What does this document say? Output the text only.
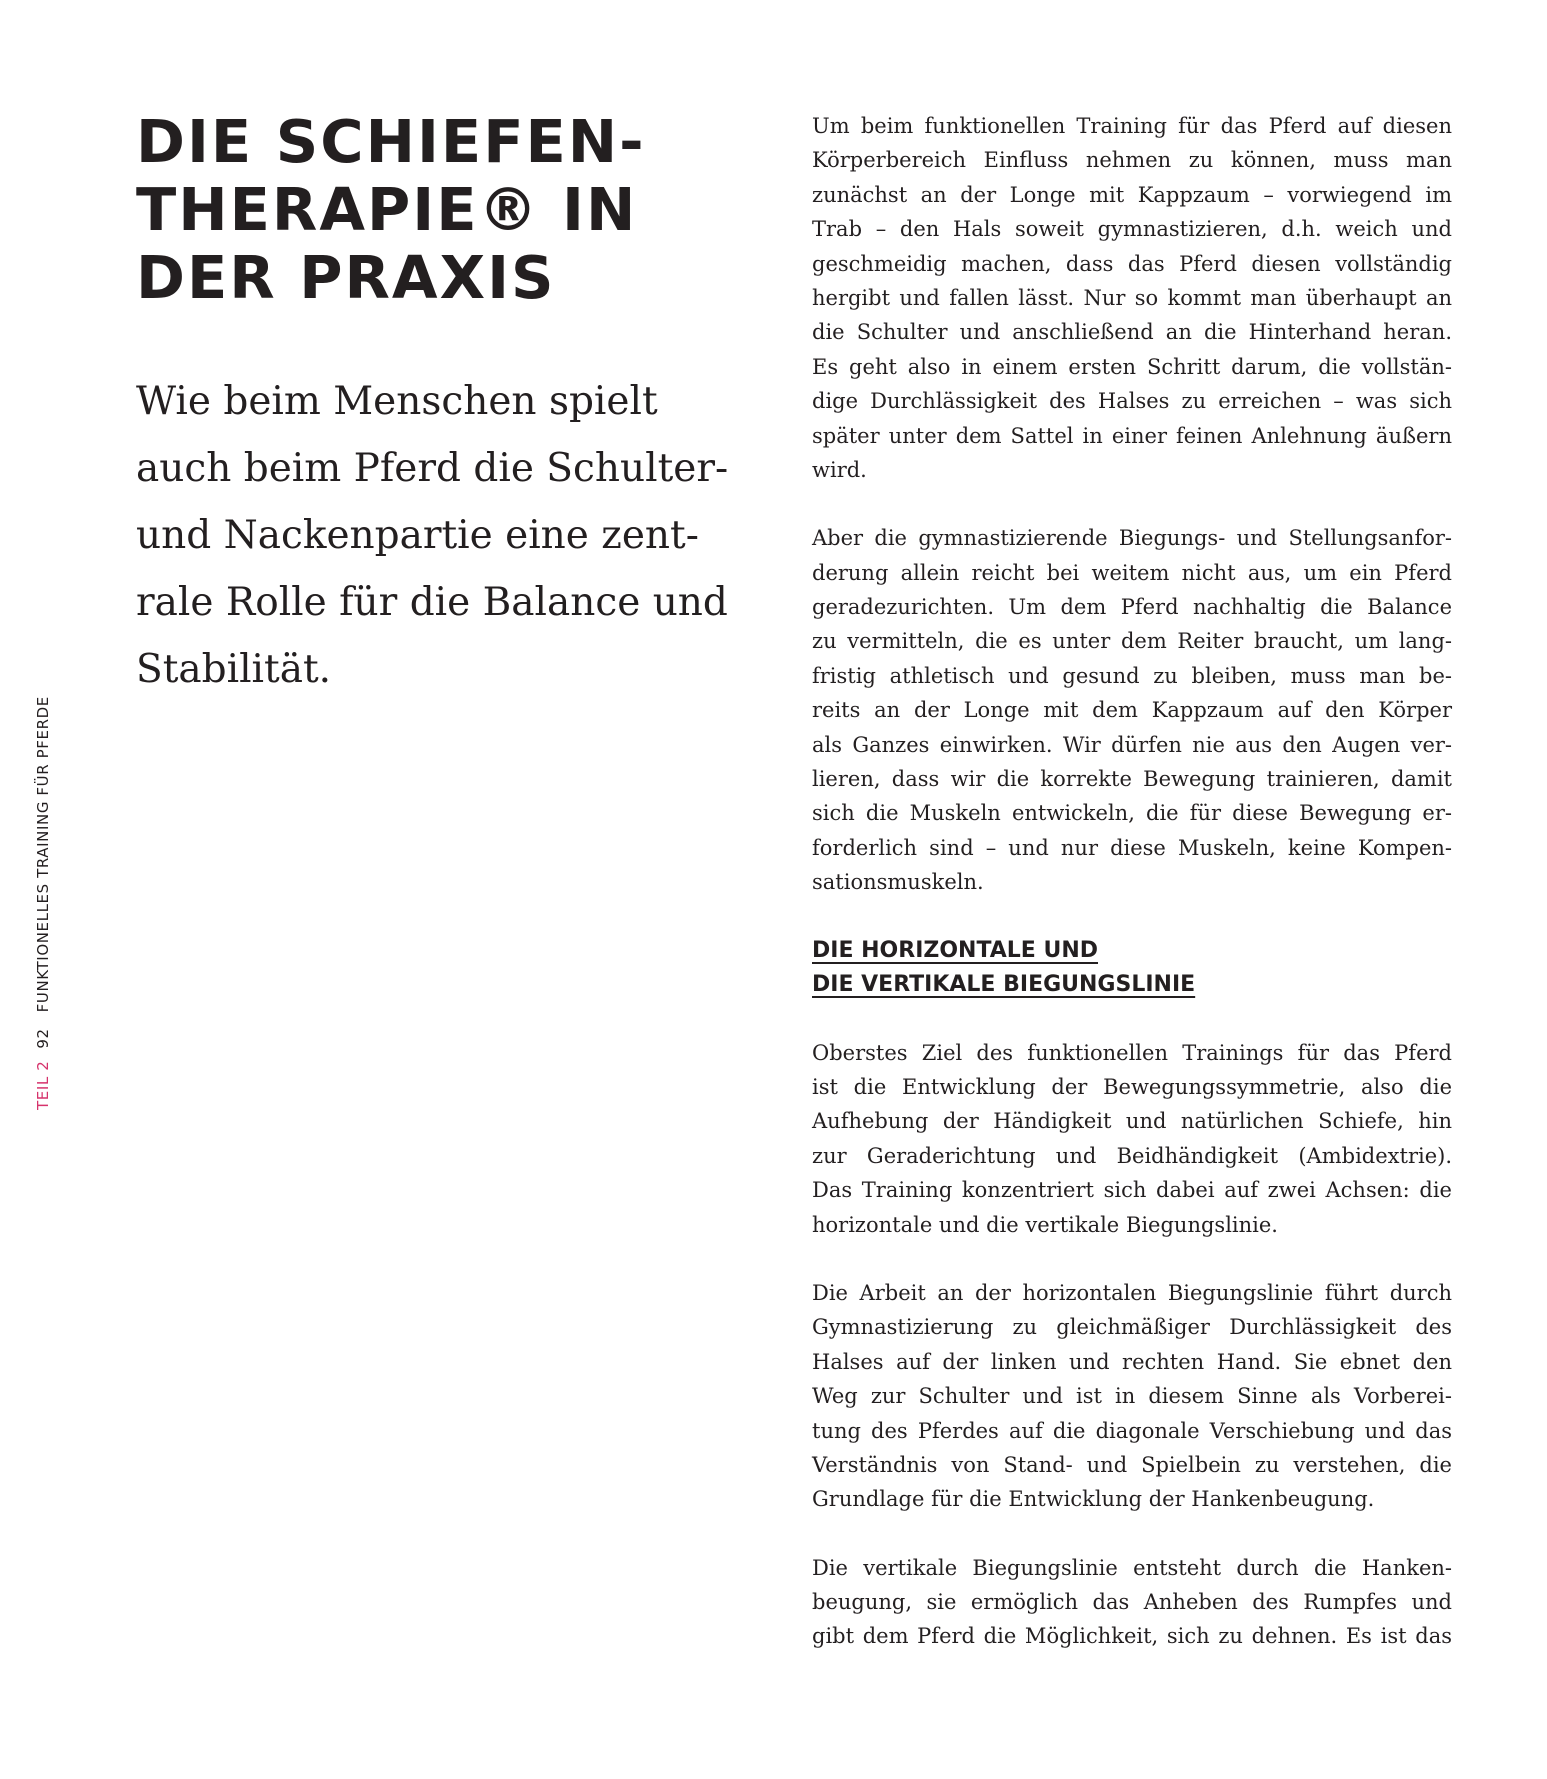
TEIL 2
92
FUNKTIONELLES TRAINING FÜR PFERDE
DIE SCHIEFEN-
THERAPIE® IN
DER PRAXIS

Wie beim Menschen spielt
auch beim Pferd die Schulter-
und Nackenpartie eine zent-
rale Rolle für die Balance und
Stabilität.

Um beim funktionellen Training für das Pferd auf diesen
Körperbereich Einfluss nehmen zu können, muss man
zunächst an der Longe mit Kappzaum – vorwiegend im
Trab – den Hals soweit gymnastizieren, d.h. weich und
geschmeidig machen, dass das Pferd diesen vollständig
hergibt und fallen lässt. Nur so kommt man überhaupt an
die Schulter und anschließend an die Hinterhand heran.
Es geht also in einem ersten Schritt darum, die vollstän-
dige Durchlässigkeit des Halses zu erreichen – was sich
später unter dem Sattel in einer feinen Anlehnung äußern
wird.

Aber die gymnastizierende Biegungs- und Stellungsanfor-
derung allein reicht bei weitem nicht aus, um ein Pferd
geradezurichten. Um dem Pferd nachhaltig die Balance
zu vermitteln, die es unter dem Reiter braucht, um lang-
fristig athletisch und gesund zu bleiben, muss man be-
reits an der Longe mit dem Kappzaum auf den Körper
als Ganzes einwirken. Wir dürfen nie aus den Augen ver-
lieren, dass wir die korrekte Bewegung trainieren, damit
sich die Muskeln entwickeln, die für diese Bewegung er-
forderlich sind – und nur diese Muskeln, keine Kompen-
sationsmuskeln.

DIE HORIZONTALE UND
DIE VERTIKALE BIEGUNGSLINIE

Oberstes Ziel des funktionellen Trainings für das Pferd
ist die Entwicklung der Bewegungssymmetrie, also die
Aufhebung der Händigkeit und natürlichen Schiefe, hin
zur Geraderichtung und Beidhändigkeit (Ambidextrie).
Das Training konzentriert sich dabei auf zwei Achsen: die
horizontale und die vertikale Biegungslinie.

Die Arbeit an der horizontalen Biegungslinie führt durch
Gymnastizierung zu gleichmäßiger Durchlässigkeit des
Halses auf der linken und rechten Hand. Sie ebnet den
Weg zur Schulter und ist in diesem Sinne als Vorberei-
tung des Pferdes auf die diagonale Verschiebung und das
Verständnis von Stand- und Spielbein zu verstehen, die
Grundlage für die Entwicklung der Hankenbeugung.

Die vertikale Biegungslinie entsteht durch die Hanken-
beugung, sie ermöglich das Anheben des Rumpfes und
gibt dem Pferd die Möglichkeit, sich zu dehnen. Es ist das
